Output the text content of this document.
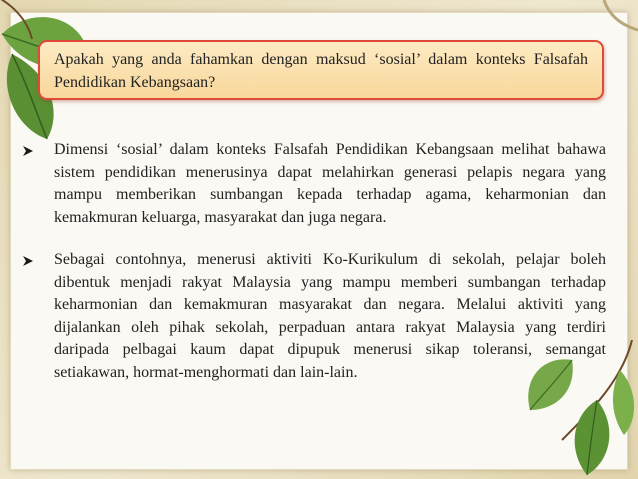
Apakah yang anda fahamkan dengan maksud ‘sosial’ dalam konteks Falsafah Pendidikan Kebangsaan?

Dimensi ‘sosial’ dalam konteks Falsafah Pendidikan Kebangsaan melihat bahawa sistem pendidikan menerusinya dapat melahirkan generasi pelapis negara yang mampu memberikan sumbangan kepada terhadap agama, keharmonian dan kemakmuran keluarga, masyarakat dan juga negara.

Sebagai contohnya, menerusi aktiviti Ko-Kurikulum di sekolah, pelajar boleh dibentuk menjadi rakyat Malaysia yang mampu memberi sumbangan terhadap keharmonian dan kemakmuran masyarakat dan negara. Melalui aktiviti yang dijalankan oleh pihak sekolah, perpaduan antara rakyat Malaysia yang terdiri daripada pelbagai kaum dapat dipupuk menerusi sikap toleransi, semangat setiakawan, hormat-menghormati dan lain-lain.
